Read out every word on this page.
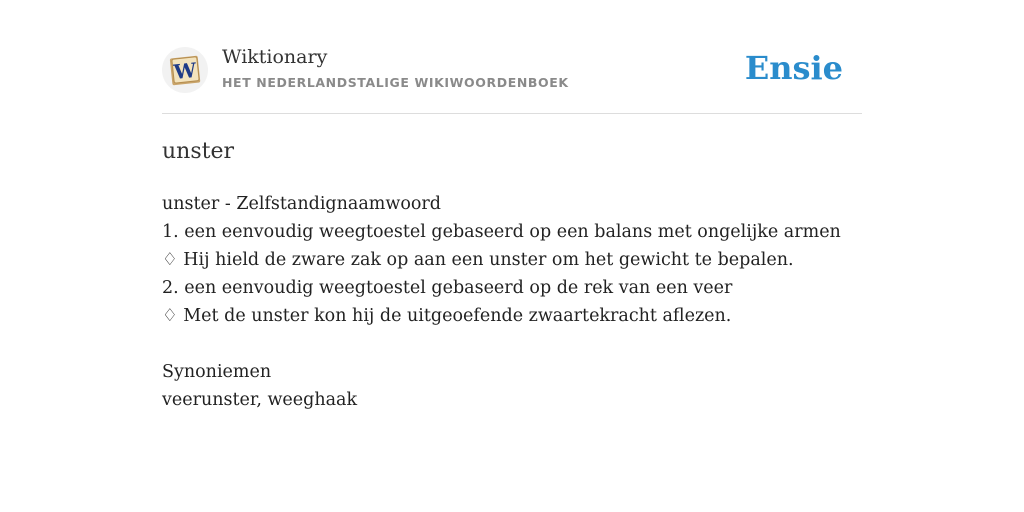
W
Wiktionary
HET NEDERLANDSTALIGE WIKIWOORDENBOEK	Ensie
unster
unster - Zelfstandignaamwoord
1. een eenvoudig weegtoestel gebaseerd op een balans met ongelijke armen
♢ Hij hield de zware zak op aan een unster om het gewicht te bepalen.
2. een eenvoudig weegtoestel gebaseerd op de rek van een veer
♢ Met de unster kon hij de uitgeoefende zwaartekracht aflezen.
Synoniemen
veerunster, weeghaak
